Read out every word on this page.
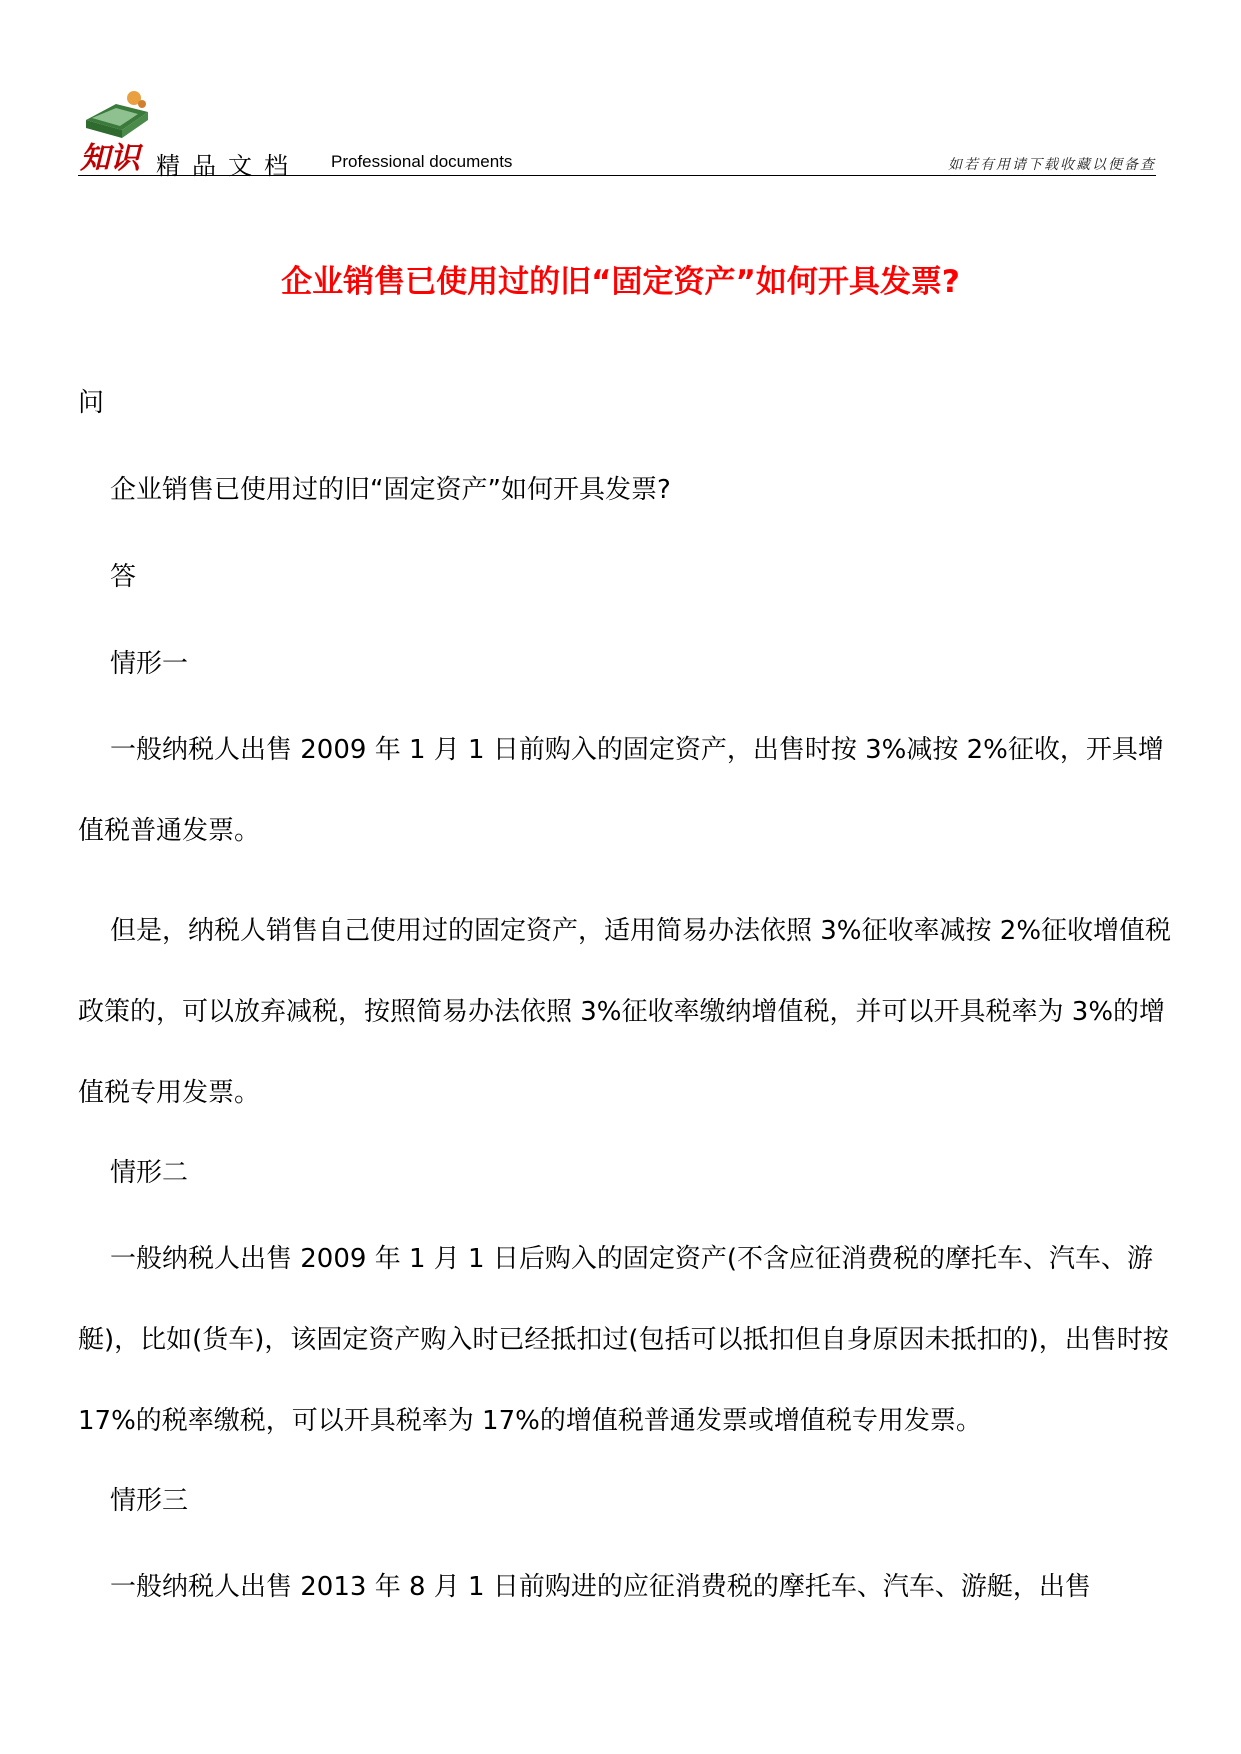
知识 精品文档 Professional documents	如若有用请下载收藏以便备查
企业销售已使用过的旧“固定资产”如何开具发票?
问
企业销售已使用过的旧“固定资产”如何开具发票?
答
情形一
一般纳税人出售 2009 年 1 月 1 日前购入的固定资产，出售时按 3%减按 2%征收，开具增值税普通发票。
但是，纳税人销售自己使用过的固定资产，适用简易办法依照 3%征收率减按 2%征收增值税政策的，可以放弃减税，按照简易办法依照 3%征收率缴纳增值税，并可以开具税率为 3%的增值税专用发票。
情形二
一般纳税人出售 2009 年 1 月 1 日后购入的固定资产(不含应征消费税的摩托车、汽车、游艇)，比如(货车)，该固定资产购入时已经抵扣过(包括可以抵扣但自身原因未抵扣的)，出售时按 17%的税率缴税，可以开具税率为 17%的增值税普通发票或增值税专用发票。
情形三
一般纳税人出售 2013 年 8 月 1 日前购进的应征消费税的摩托车、汽车、游艇，出售
